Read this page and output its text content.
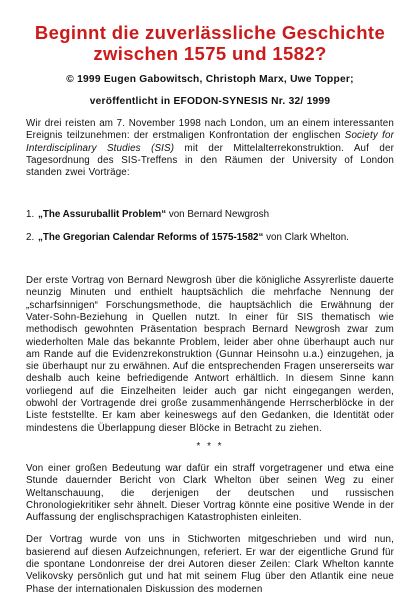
Beginnt die zuverlässliche Geschichte
zwischen 1575 und 1582?

© 1999 Eugen Gabowitsch, Christoph Marx, Uwe Topper;

veröffentlicht in EFODON-SYNESIS Nr. 32/ 1999

Wir drei reisten am 7. November 1998 nach London, um an einem interessanten Ereignis teilzunehmen: der erstmaligen Konfrontation der englischen Society for Interdisciplinary Studies (SIS) mit der Mittelalterrekonstruktion. Auf der Tagesordnung des SIS-Treffens in den Räumen der University of London standen zwei Vorträge:

1. „The Assuruballit Problem“ von Bernard Newgrosh
2. „The Gregorian Calendar Reforms of 1575-1582“ von Clark Whelton.

Der erste Vortrag von Bernard Newgrosh über die königliche Assyrerliste dauerte neunzig Minuten und enthielt hauptsächlich die mehrfache Nennung der „scharfsinnigen“ Forschungsmethode, die hauptsächlich die Erwähnung der Vater-Sohn-Beziehung in Quellen nutzt. In einer für SIS thematisch wie methodisch gewohnten Präsentation besprach Bernard Newgrosh zwar zum wiederholten Male das bekannte Problem, leider aber ohne überhaupt auch nur am Rande auf die Evidenzrekonstruktion (Gunnar Heinsohn u.a.) einzugehen, ja sie überhaupt nur zu erwähnen. Auf die entsprechenden Fragen unsererseits war deshalb auch keine befriedigende Antwort erhältlich. In diesem Sinne kann vorliegend auf die Einzelheiten leider auch gar nicht eingegangen werden, obwohl der Vortragende drei große zusammenhängende Herrscherblöcke in der Liste feststellte. Er kam aber keineswegs auf den Gedanken, die Identität oder mindestens die Überlappung dieser Blöcke in Betracht zu ziehen.

* * *

Von einer großen Bedeutung war dafür ein straff vorgetragener und etwa eine Stunde dauernder Bericht von Clark Whelton über seinen Weg zu einer Weltanschauung, die derjenigen der deutschen und russischen Chronologiekritiker sehr ähnelt. Dieser Vortrag könnte eine positive Wende in der Auffassung der englischsprachigen Katastrophisten einleiten.

Der Vortrag wurde von uns in Stichworten mitgeschrieben und wird nun, basierend auf diesen Aufzeichnungen, referiert. Er war der eigentliche Grund für die spontane Londonreise der drei Autoren dieser Zeilen: Clark Whelton kannte Velikovsky persönlich gut und hat mit seinem Flug über den Atlantik eine neue Phase der internationalen Diskussion des modernen
